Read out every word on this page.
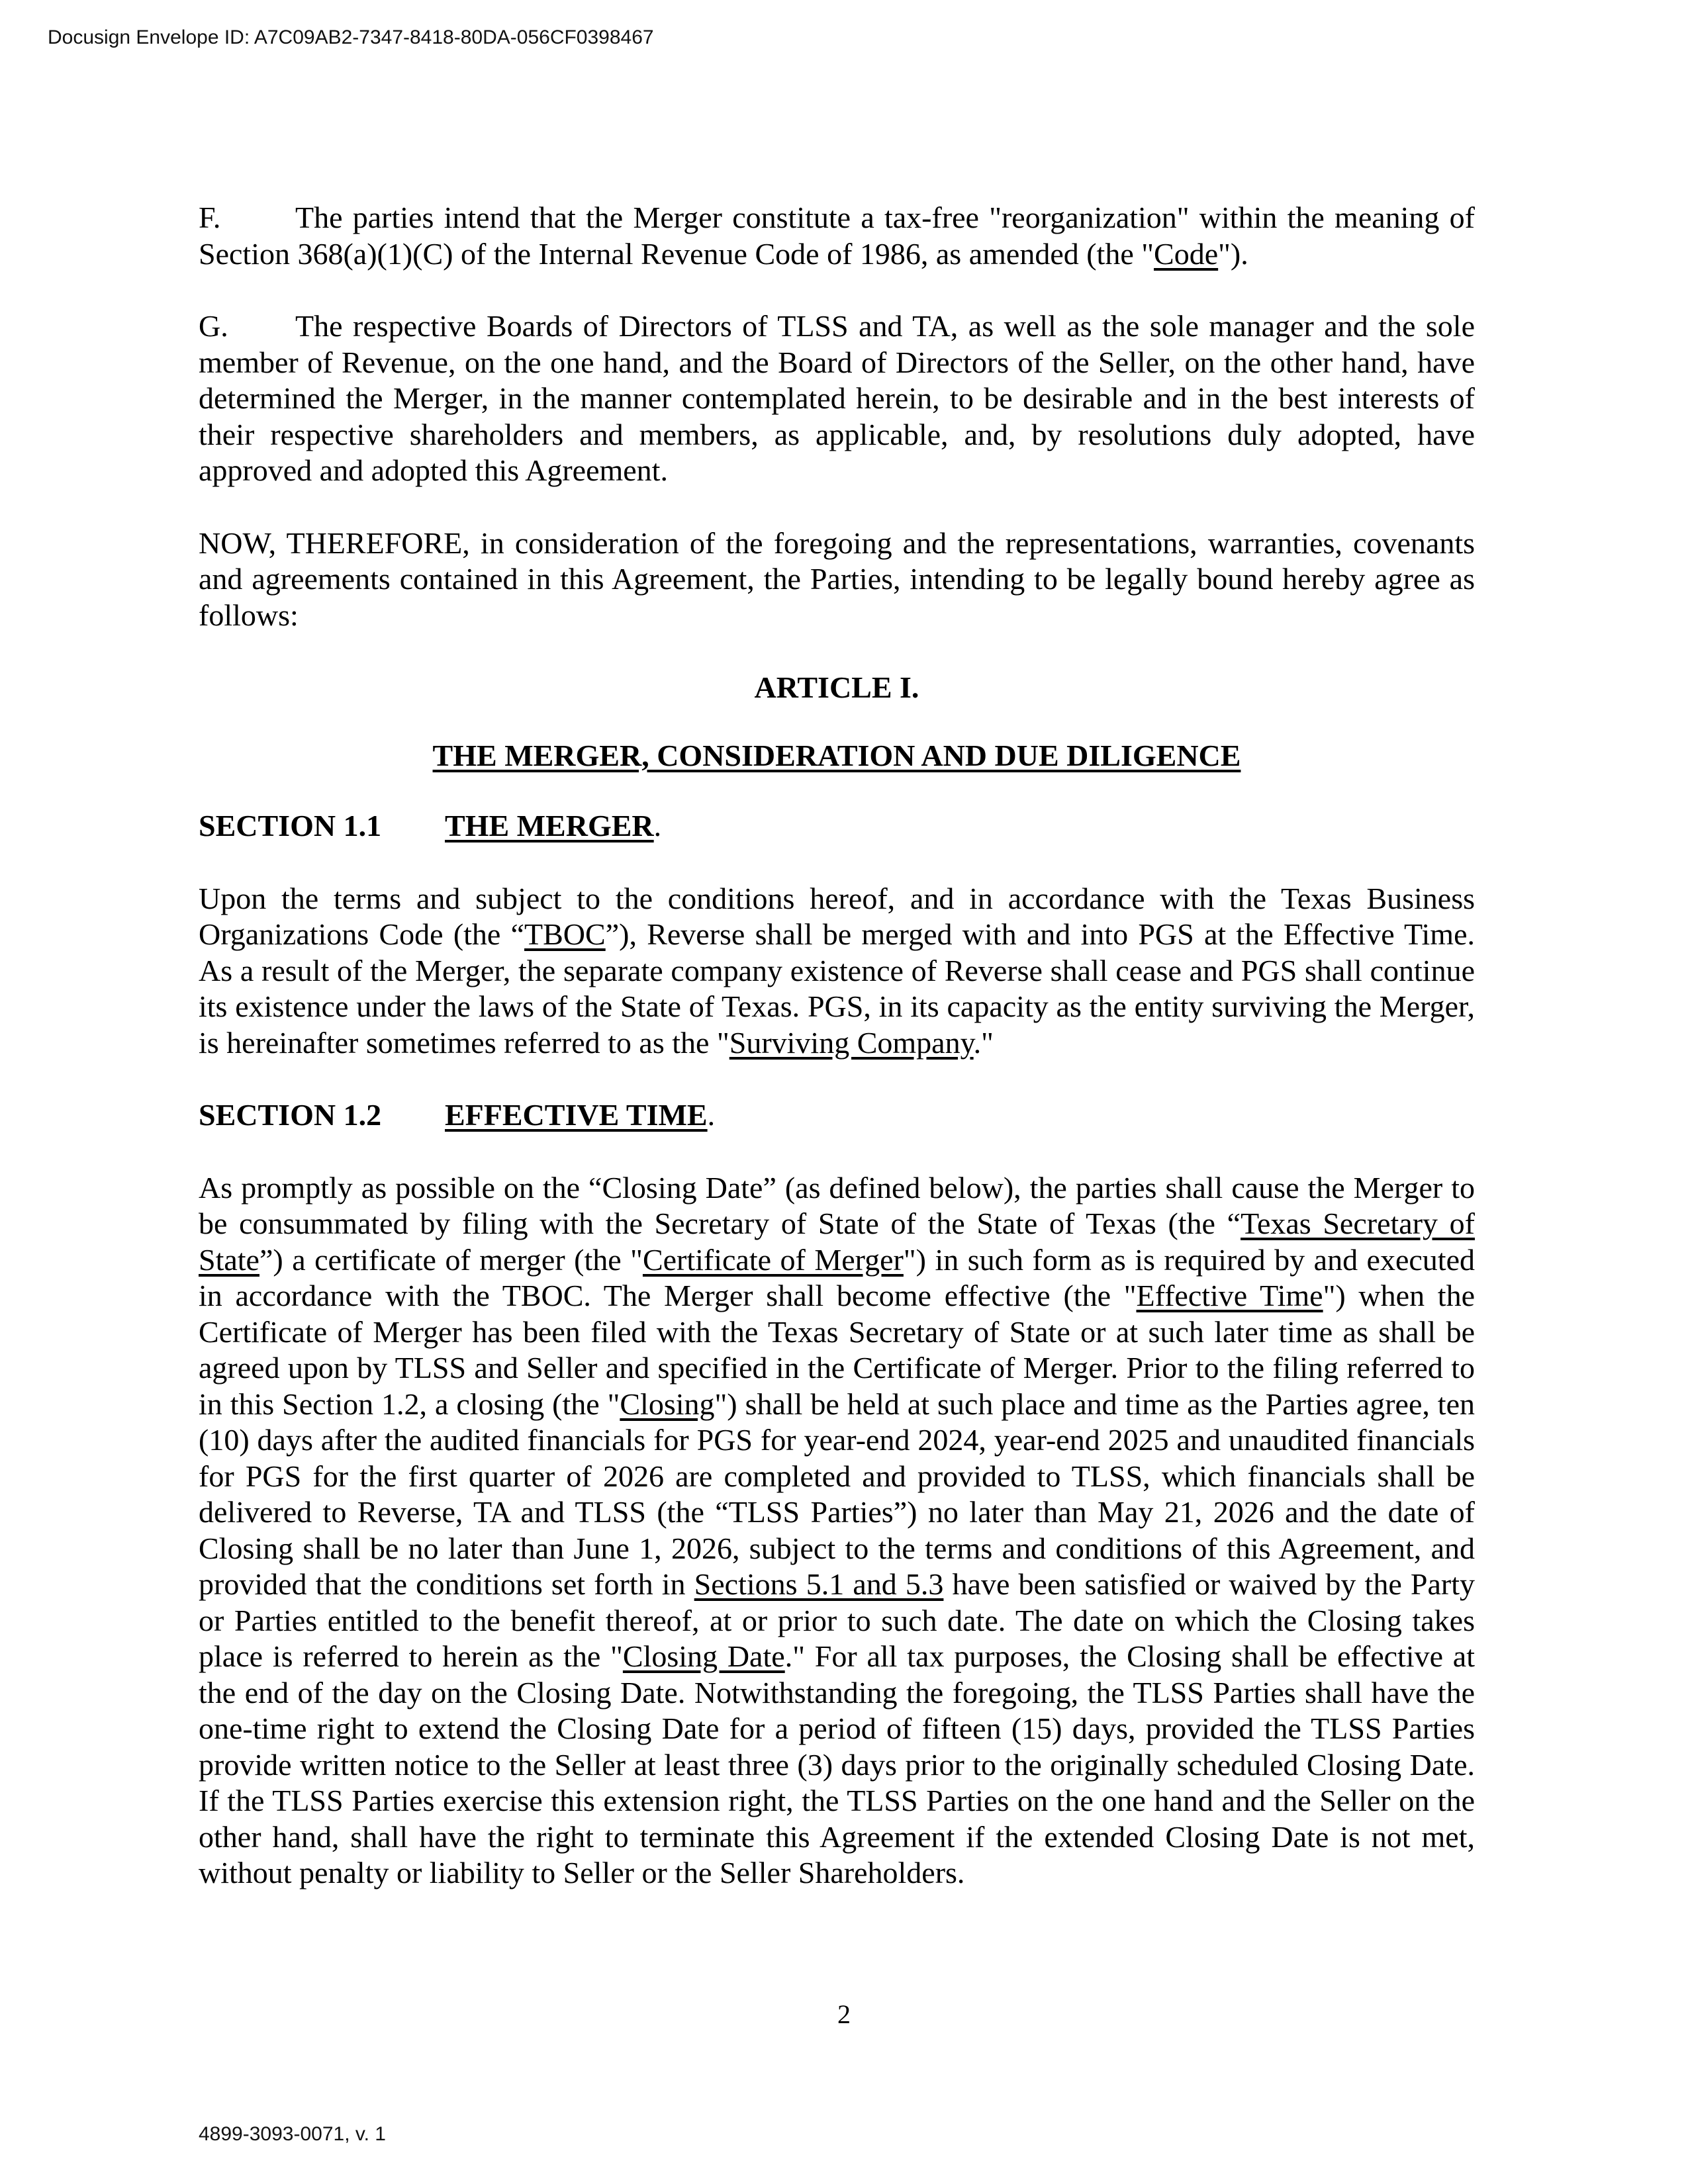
Docusign Envelope ID: A7C09AB2-7347-8418-80DA-056CF0398467

F. The parties intend that the Merger constitute a tax-free "reorganization" within the meaning of Section 368(a)(1)(C) of the Internal Revenue Code of 1986, as amended (the "Code").

G. The respective Boards of Directors of TLSS and TA, as well as the sole manager and the sole member of Revenue, on the one hand, and the Board of Directors of the Seller, on the other hand, have determined the Merger, in the manner contemplated herein, to be desirable and in the best interests of their respective shareholders and members, as applicable, and, by resolutions duly adopted, have approved and adopted this Agreement.

NOW, THEREFORE, in consideration of the foregoing and the representations, warranties, covenants and agreements contained in this Agreement, the Parties, intending to be legally bound hereby agree as follows:

ARTICLE I.
THE MERGER, CONSIDERATION AND DUE DILIGENCE
SECTION 1.1 THE MERGER.

Upon the terms and subject to the conditions hereof, and in accordance with the Texas Business Organizations Code (the “TBOC”), Reverse shall be merged with and into PGS at the Effective Time. As a result of the Merger, the separate company existence of Reverse shall cease and PGS shall continue its existence under the laws of the State of Texas. PGS, in its capacity as the entity surviving the Merger, is hereinafter sometimes referred to as the "Surviving Company."

SECTION 1.2 EFFECTIVE TIME.

As promptly as possible on the “Closing Date” (as defined below), the parties shall cause the Merger to be consummated by filing with the Secretary of State of the State of Texas (the “Texas Secretary of State”) a certificate of merger (the "Certificate of Merger") in such form as is required by and executed in accordance with the TBOC. The Merger shall become effective (the "Effective Time") when the Certificate of Merger has been filed with the Texas Secretary of State or at such later time as shall be agreed upon by TLSS and Seller and specified in the Certificate of Merger. Prior to the filing referred to in this Section 1.2, a closing (the "Closing") shall be held at such place and time as the Parties agree, ten (10) days after the audited financials for PGS for year-end 2024, year-end 2025 and unaudited financials for PGS for the first quarter of 2026 are completed and provided to TLSS, which financials shall be delivered to Reverse, TA and TLSS (the “TLSS Parties”) no later than May 21, 2026 and the date of Closing shall be no later than June 1, 2026, subject to the terms and conditions of this Agreement, and provided that the conditions set forth in Sections 5.1 and 5.3 have been satisfied or waived by the Party or Parties entitled to the benefit thereof, at or prior to such date. The date on which the Closing takes place is referred to herein as the "Closing Date." For all tax purposes, the Closing shall be effective at the end of the day on the Closing Date. Notwithstanding the foregoing, the TLSS Parties shall have the one-time right to extend the Closing Date for a period of fifteen (15) days, provided the TLSS Parties provide written notice to the Seller at least three (3) days prior to the originally scheduled Closing Date. If the TLSS Parties exercise this extension right, the TLSS Parties on the one hand and the Seller on the other hand, shall have the right to terminate this Agreement if the extended Closing Date is not met, without penalty or liability to Seller or the Seller Shareholders.

2
4899-3093-0071, v. 1
